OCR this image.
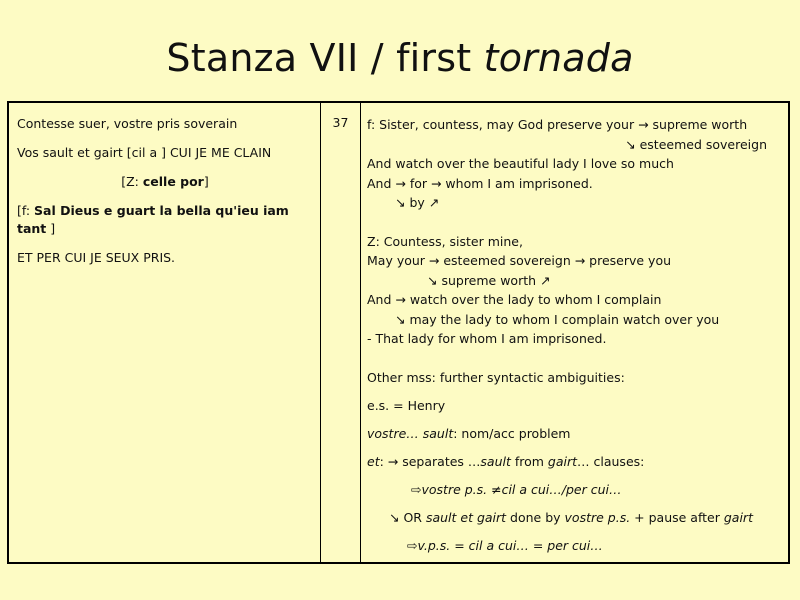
Stanza VII / first tornada

Contesse suer, vostre pris soverain

Vos sault et gairt [cil a ] CUI JE ME CLAIN

[Z: celle por]

[f: Sal Dieus e guart la bella qu'ieu iam tant ]

ET PER CUI JE SEUX PRIS.

37	f: Sister, countess, may God preserve your → supreme worth
↘ esteemed sovereign
And watch over the beautiful lady I love so much
And → for → whom I am imprisoned.
↘ by ↗
Z: Countess, sister mine,
May your → esteemed sovereign → preserve you
↘ supreme worth ↗
And → watch over the lady to whom I complain
↘ may the lady to whom I complain watch over you
- That lady for whom I am imprisoned.
Other mss: further syntactic ambiguities:
e.s. = Henry
vostre… sault: nom/acc problem
et: → separates …sault from gairt… clauses:
⇨vostre p.s. ≠cil a cui…/per cui…
↘ OR sault et gairt done by vostre p.s. + pause after gairt
⇨v.p.s. = cil a cui… = per cui…
